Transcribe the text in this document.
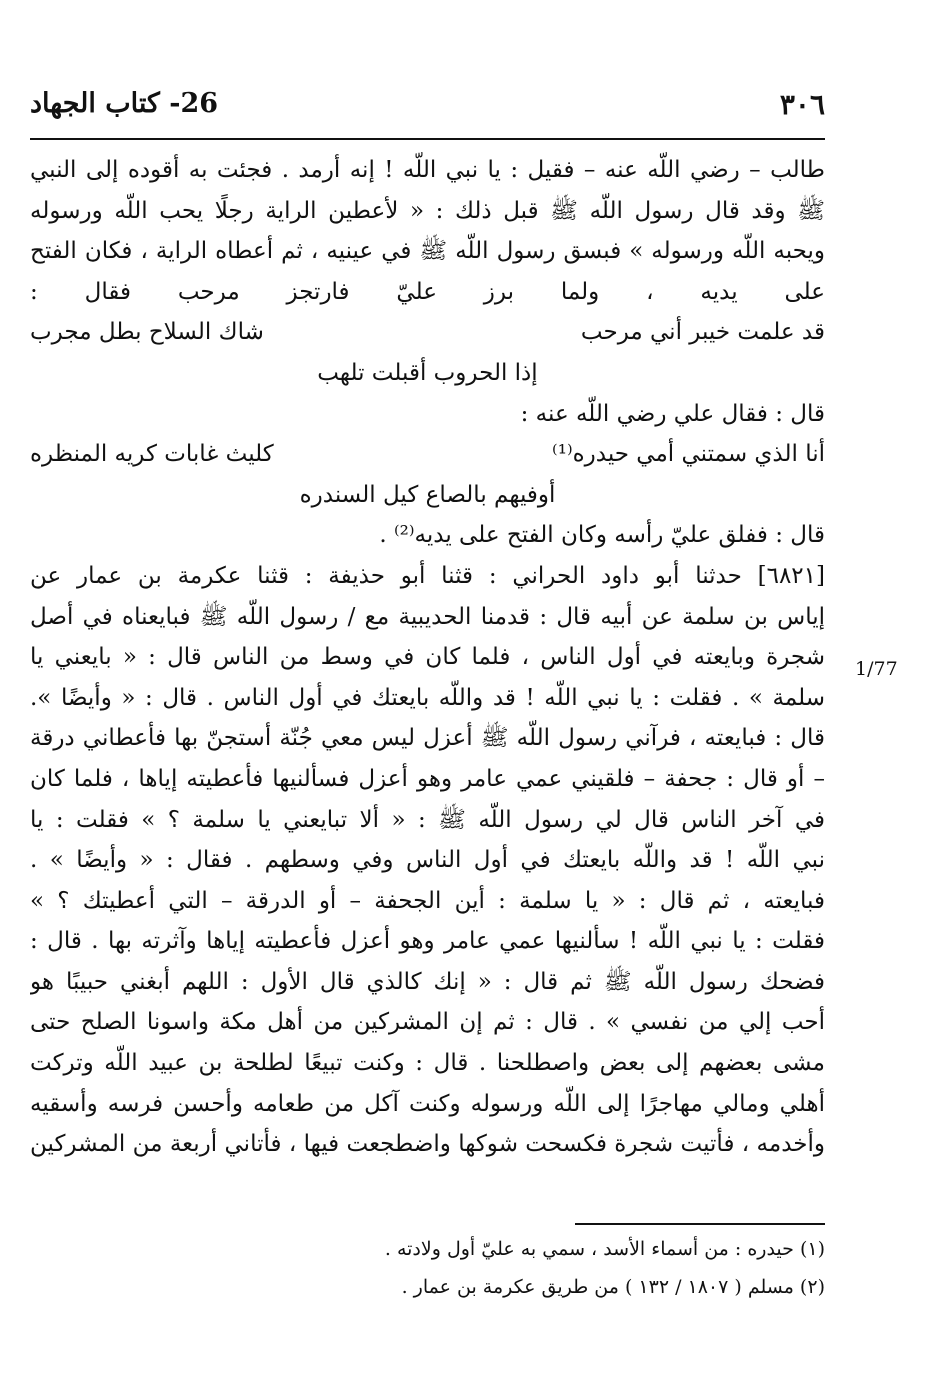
٣٠٦
26- كتاب الجهاد
طالب – رضي اللّه عنه – فقيل : يا نبي اللّه ! إنه أرمد . فجئت به أقوده إلى النبي
ﷺ وقد قال رسول اللّه ﷺ قبل ذلك : « لأعطين الراية رجلًا يحب اللّه ورسوله
ويحبه اللّه ورسوله » فبسق رسول اللّه ﷺ في عينيه ، ثم أعطاه الراية ، فكان الفتح
على يديه ، ولما برز عليّ فارتجز مرحب فقال :
قد علمت خيبر أني مرحب
شاك السلاح بطل مجرب
إذا الحروب أقبلت تلهب
قال : فقال علي رضي اللّه عنه :
أنا الذي سمتني أمي حيدره⁽¹⁾
كليث غابات كريه المنظره
أوفيهم بالصاع كيل السندره
قال : ففلق عليّ رأسه وكان الفتح على يديه⁽²⁾ .
[٦٨٢١] حدثنا أبو داود الحراني : قثنا أبو حذيفة : قثنا عكرمة بن عمار عن
إياس بن سلمة عن أبيه قال : قدمنا الحديبية مع / رسول اللّه ﷺ فبايعناه في أصل
شجرة وبايعته في أول الناس ، فلما كان في وسط من الناس قال : « بايعني يا
سلمة » . فقلت : يا نبي اللّه ! قد واللّه بايعتك في أول الناس . قال : « وأيضًا ».
قال : فبايعته ، فرآني رسول اللّه ﷺ أعزل ليس معي جُنّة أستجنّ بها فأعطاني درقة
– أو قال : جحفة – فلقيني عمي عامر وهو أعزل فسألنيها فأعطيته إياها ، فلما كان
في آخر الناس قال لي رسول اللّه ﷺ : « ألا تبايعني يا سلمة ؟ » فقلت : يا
نبي اللّه ! قد واللّه بايعتك في أول الناس وفي وسطهم . فقال : « وأيضًا » .
فبايعته ، ثم قال : « يا سلمة : أين الجحفة – أو الدرقة – التي أعطيتك ؟ »
فقلت : يا نبي اللّه ! سألنيها عمي عامر وهو أعزل فأعطيته إياها وآثرته بها . قال :
فضحك رسول اللّه ﷺ ثم قال : « إنك كالذي قال الأول : اللهم أبغني حبيبًا هو
أحب إلي من نفسي » . قال : ثم إن المشركين من أهل مكة واسونا الصلح حتى
مشى بعضهم إلى بعض واصطلحنا . قال : وكنت تبيعًا لطلحة بن عبيد اللّه وتركت
أهلي ومالي مهاجرًا إلى اللّه ورسوله وكنت آكل من طعامه وأحسن فرسه وأسقيه
وأخدمه ، فأتيت شجرة فكسحت شوكها واضطجعت فيها ، فأتاني أربعة من المشركين
1/77
(١) حيدره : من أسماء الأسد ، سمي به عليّ أول ولادته .
(٢) مسلم ( ١٨٠٧ / ١٣٢ ) من طريق عكرمة بن عمار .
